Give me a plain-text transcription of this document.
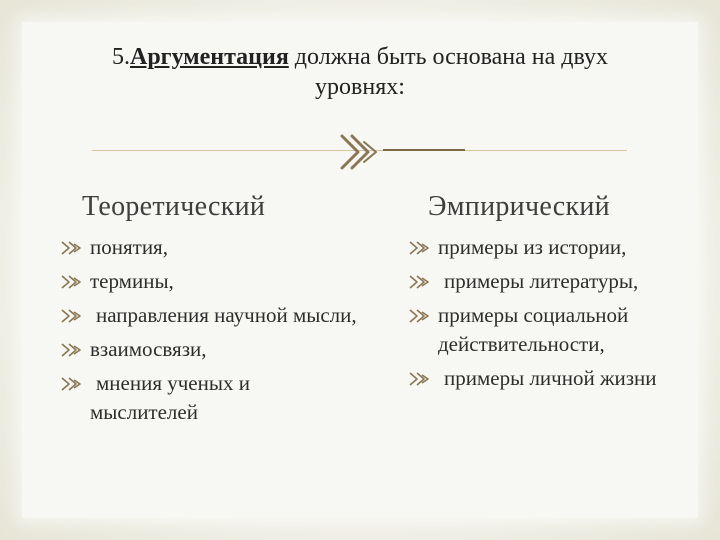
5.Аргументация должна быть основана на двух
уровнях:
Теоретический	Эмпирический
понятия,
термины,
направления научной мысли,
взаимосвязи,
мнения ученых и мыслителей
примеры из истории,
примеры литературы,
примеры социальной действительности,
примеры личной жизни
